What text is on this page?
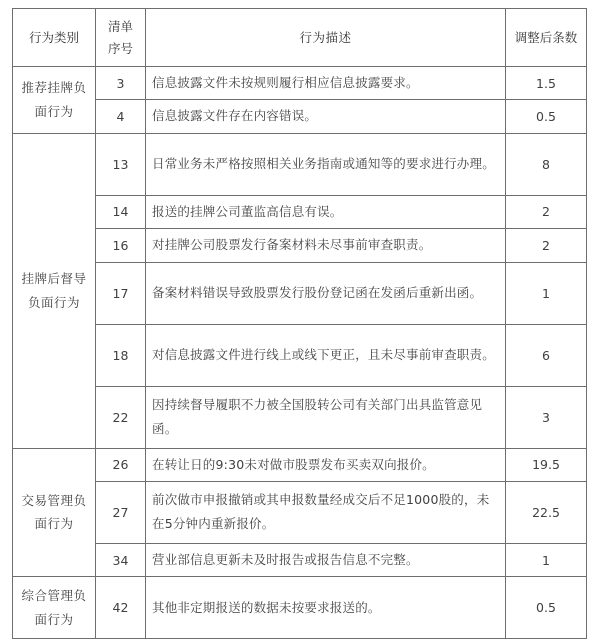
行为类别	清单序号	行为描述	调整后条数
推荐挂牌负面行为	3	信息披露文件未按规则履行相应信息披露要求。	1.5
	4	信息披露文件存在内容错误。	0.5
挂牌后督导负面行为	13	日常业务未严格按照相关业务指南或通知等的要求进行办理。	8
	14	报送的挂牌公司董监高信息有误。	2
	16	对挂牌公司股票发行备案材料未尽事前审查职责。	2
	17	备案材料错误导致股票发行股份登记函在发函后重新出函。	1
	18	对信息披露文件进行线上或线下更正，且未尽事前审查职责。	6
	22	因持续督导履职不力被全国股转公司有关部门出具监管意见函。	3
交易管理负面行为	26	在转让日的9:30未对做市股票发布买卖双向报价。	19.5
	27	前次做市申报撤销或其申报数量经成交后不足1000股的，未在5分钟内重新报价。	22.5
	34	营业部信息更新未及时报告或报告信息不完整。	1
综合管理负面行为	42	其他非定期报送的数据未按要求报送的。	0.5
